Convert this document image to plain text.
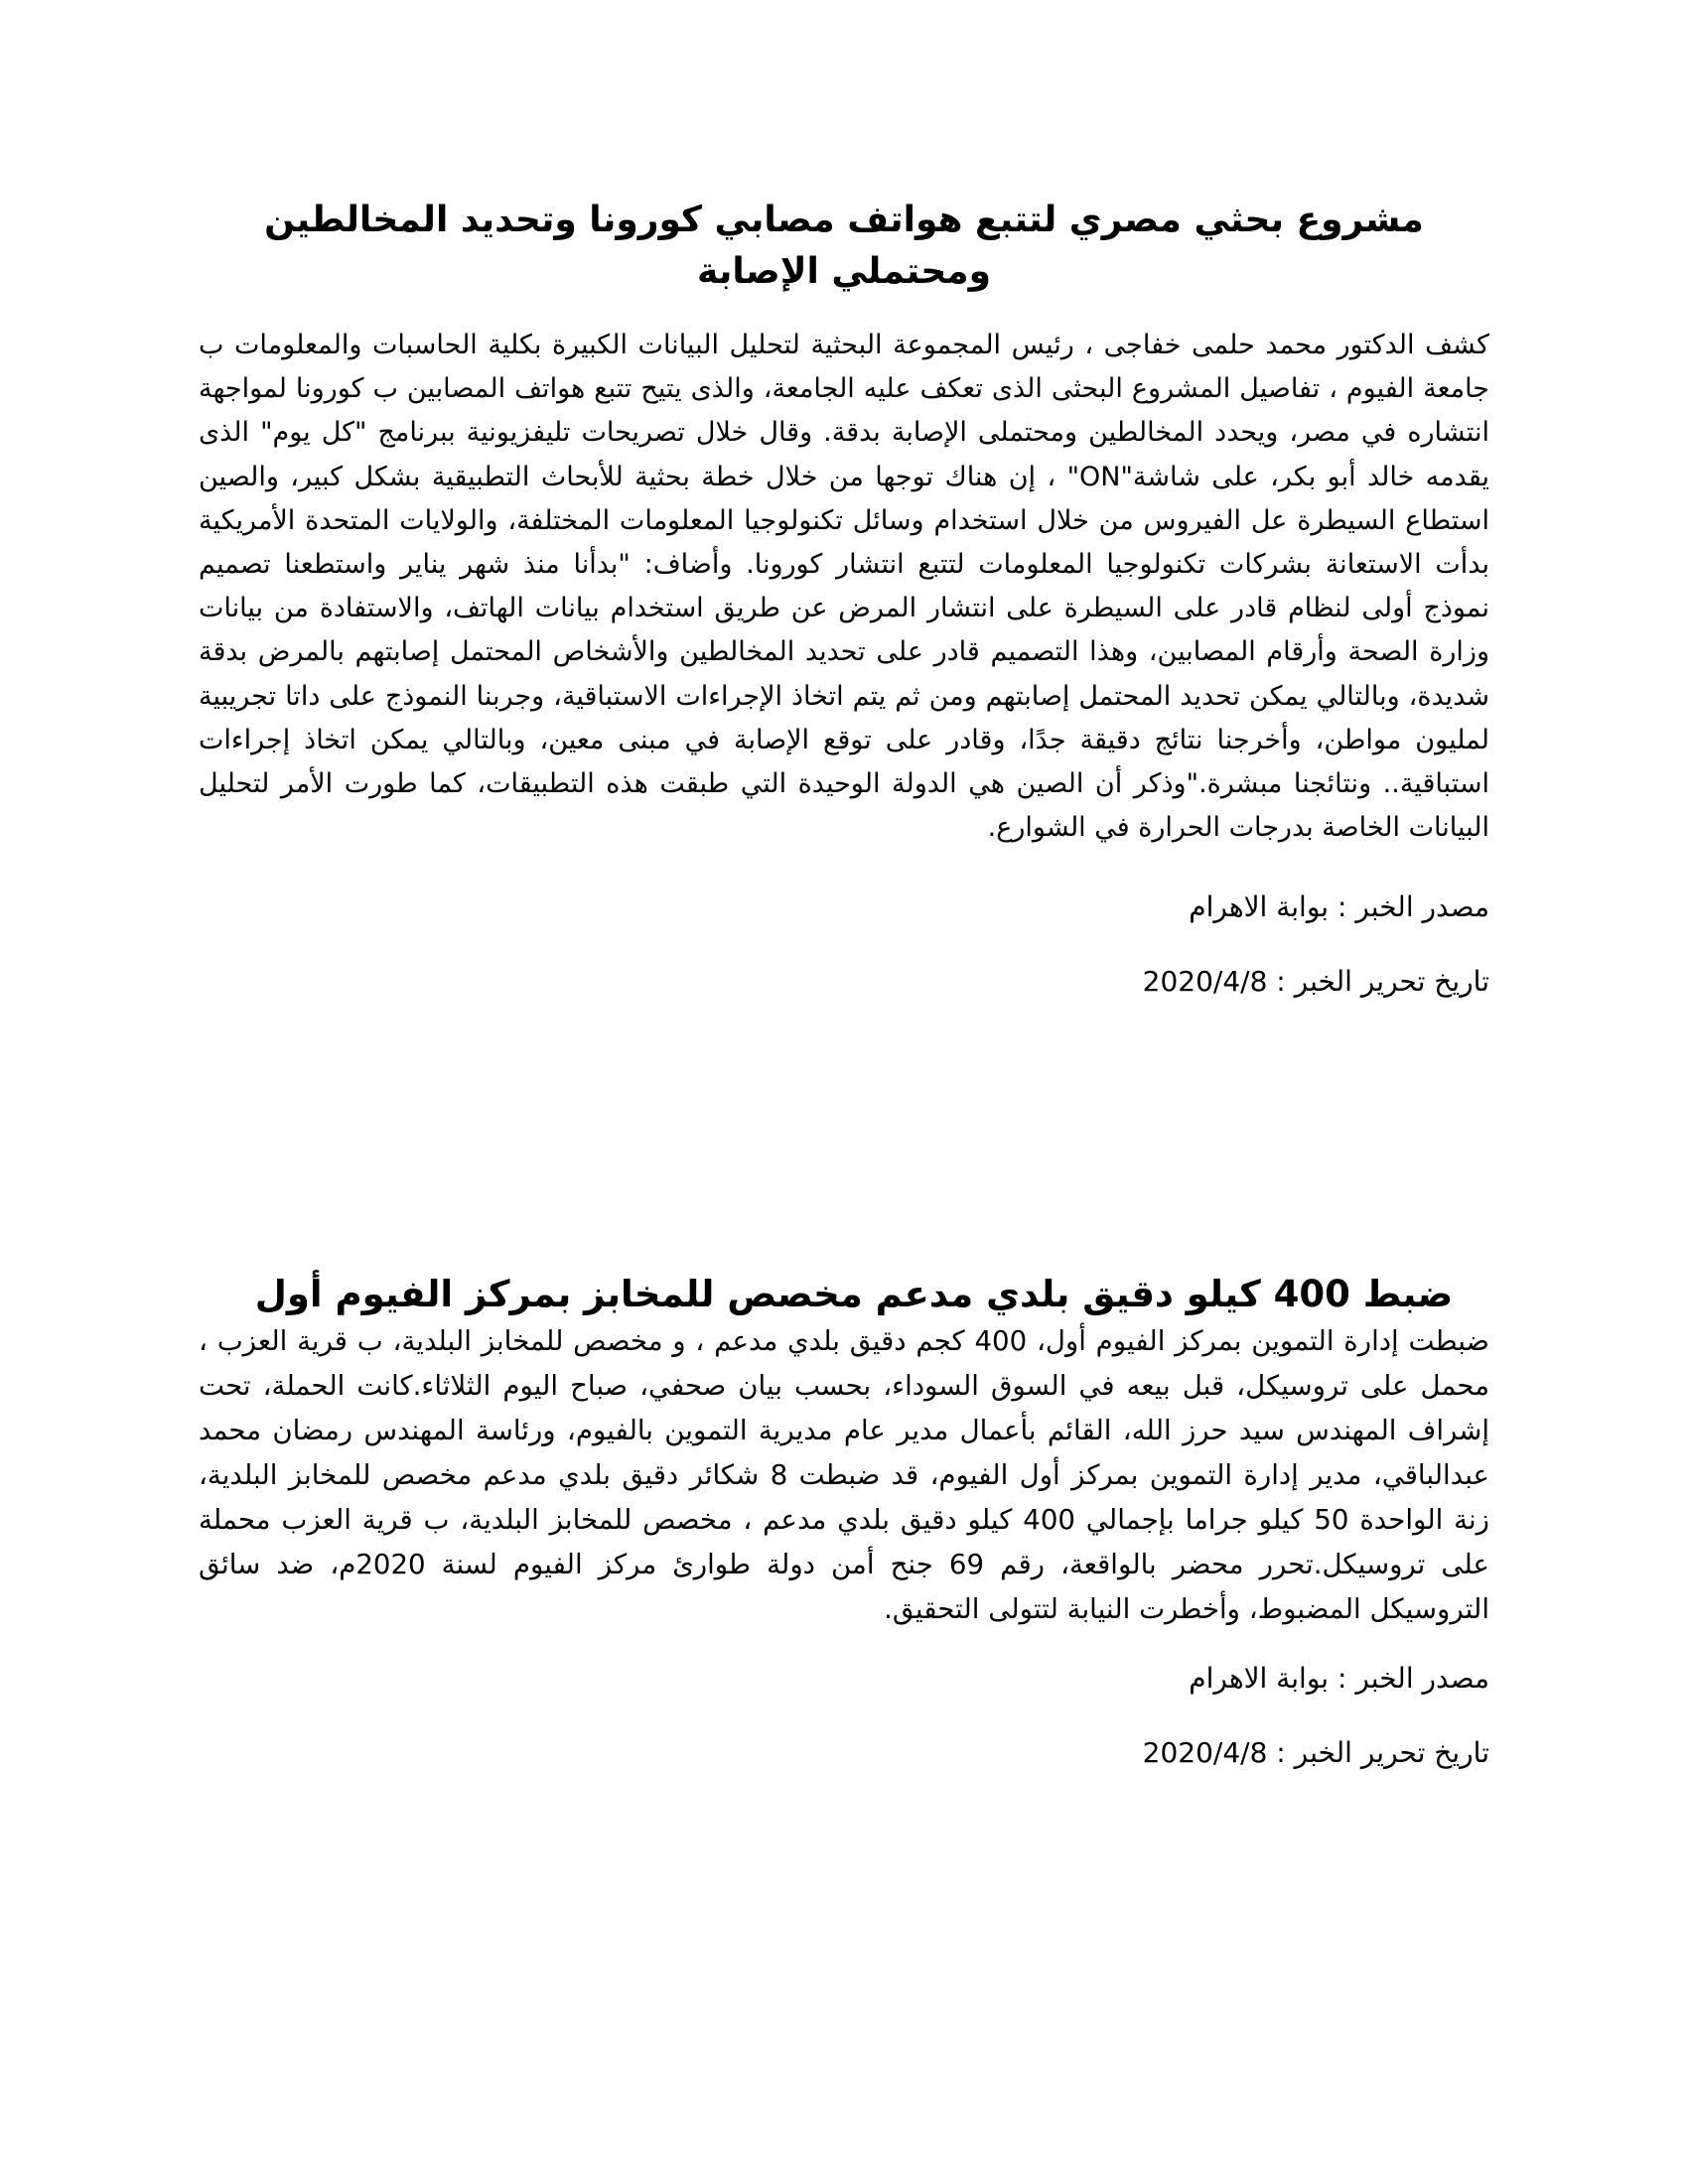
مشروع بحثي مصري لتتبع هواتف مصابي كورونا وتحديد المخالطين ومحتملي الإصابة

كشف الدكتور محمد حلمى خفاجى ، رئيس المجموعة البحثية لتحليل البيانات الكبيرة بكلية الحاسبات والمعلومات ب جامعة الفيوم ، تفاصيل المشروع البحثى الذى تعكف عليه الجامعة، والذى يتيح تتبع هواتف المصابين ب كورونا لمواجهة انتشاره في مصر، ويحدد المخالطين ومحتملى الإصابة بدقة. وقال خلال تصريحات تليفزيونية ببرنامج "كل يوم" الذى يقدمه خالد أبو بكر، على شاشة"ON" ، إن هناك توجها من خلال خطة بحثية للأبحاث التطبيقية بشكل كبير، والصين استطاع السيطرة عل الفيروس من خلال استخدام وسائل تكنولوجيا المعلومات المختلفة، والولايات المتحدة الأمريكية بدأت الاستعانة بشركات تكنولوجيا المعلومات لتتبع انتشار كورونا. وأضاف: "بدأنا منذ شهر يناير واستطعنا تصميم نموذج أولى لنظام قادر على السيطرة على انتشار المرض عن طريق استخدام بيانات الهاتف، والاستفادة من بيانات وزارة الصحة وأرقام المصابين، وهذا التصميم قادر على تحديد المخالطين والأشخاص المحتمل إصابتهم بالمرض بدقة شديدة، وبالتالي يمكن تحديد المحتمل إصابتهم ومن ثم يتم اتخاذ الإجراءات الاستباقية، وجربنا النموذج على داتا تجريبية لمليون مواطن، وأخرجنا نتائج دقيقة جدًا، وقادر على توقع الإصابة في مبنى معين، وبالتالي يمكن اتخاذ إجراءات استباقية.. ونتائجنا مبشرة."وذكر أن الصين هي الدولة الوحيدة التي طبقت هذه التطبيقات، كما طورت الأمر لتحليل البيانات الخاصة بدرجات الحرارة في الشوارع.

مصدر الخبر : بوابة الاهرام

تاريخ تحرير الخبر : 2020/4/8

ضبط 400 كيلو دقيق بلدي مدعم مخصص للمخابز بمركز الفيوم أول

ضبطت إدارة التموين بمركز الفيوم أول، 400 كجم دقيق بلدي مدعم ، و مخصص للمخابز البلدية، ب قرية العزب ، محمل على تروسيكل، قبل بيعه في السوق السوداء، بحسب بيان صحفي، صباح اليوم الثلاثاء.كانت الحملة، تحت إشراف المهندس سيد حرز الله، القائم بأعمال مدير عام مديرية التموين بالفيوم، ورئاسة المهندس رمضان محمد عبدالباقي، مدير إدارة التموين بمركز أول الفيوم، قد ضبطت 8 شكائر دقيق بلدي مدعم مخصص للمخابز البلدية، زنة الواحدة 50 كيلو جراما بإجمالي 400 كيلو دقيق بلدي مدعم ، مخصص للمخابز البلدية، ب قرية العزب محملة على تروسيكل.تحرر محضر بالواقعة، رقم 69 جنح أمن دولة طوارئ مركز الفيوم لسنة 2020م، ضد سائق التروسيكل المضبوط، وأخطرت النيابة لتتولى التحقيق.

مصدر الخبر : بوابة الاهرام

تاريخ تحرير الخبر : 2020/4/8
